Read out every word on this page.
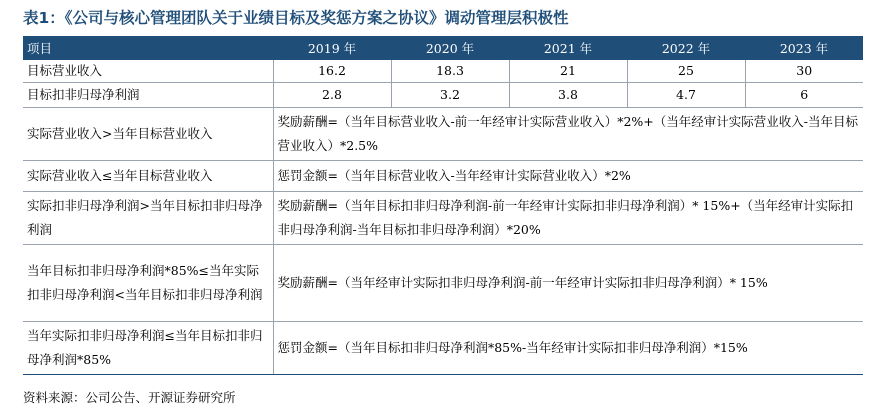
表1：《公司与核心管理团队关于业绩目标及奖惩方案之协议》调动管理层积极性
项目	2019 年	2020 年	2021 年	2022 年	2023 年
目标营业收入	16.2	18.3	21	25	30
目标扣非归母净利润	2.8	3.2	3.8	4.7	6
实际营业收入>当年目标营业收入	奖励薪酬=（当年目标营业收入-前一年经审计实际营业收入）*2%+（当年经审计实际营业收入-当年目标营业收入）*2.5%				
实际营业收入≤当年目标营业收入	惩罚金额=（当年目标营业收入-当年经审计实际营业收入）*2%				
实际扣非归母净利润>当年目标扣非归母净利润	奖励薪酬=（当年目标扣非归母净利润-前一年经审计实际扣非归母净利润）* 15%+（当年经审计实际扣非归母净利润-当年目标扣非归母净利润）*20%				
当年目标扣非归母净利润*85%≤当年实际扣非归母净利润<当年目标扣非归母净利润	奖励薪酬=（当年经审计实际扣非归母净利润-前一年经审计实际扣非归母净利润）* 15%				
当年实际扣非归母净利润≤当年目标扣非归母净利润*85%	惩罚金额=（当年目标扣非归母净利润*85%-当年经审计实际扣非归母净利润）*15%				
资料来源：公司公告、开源证券研究所
